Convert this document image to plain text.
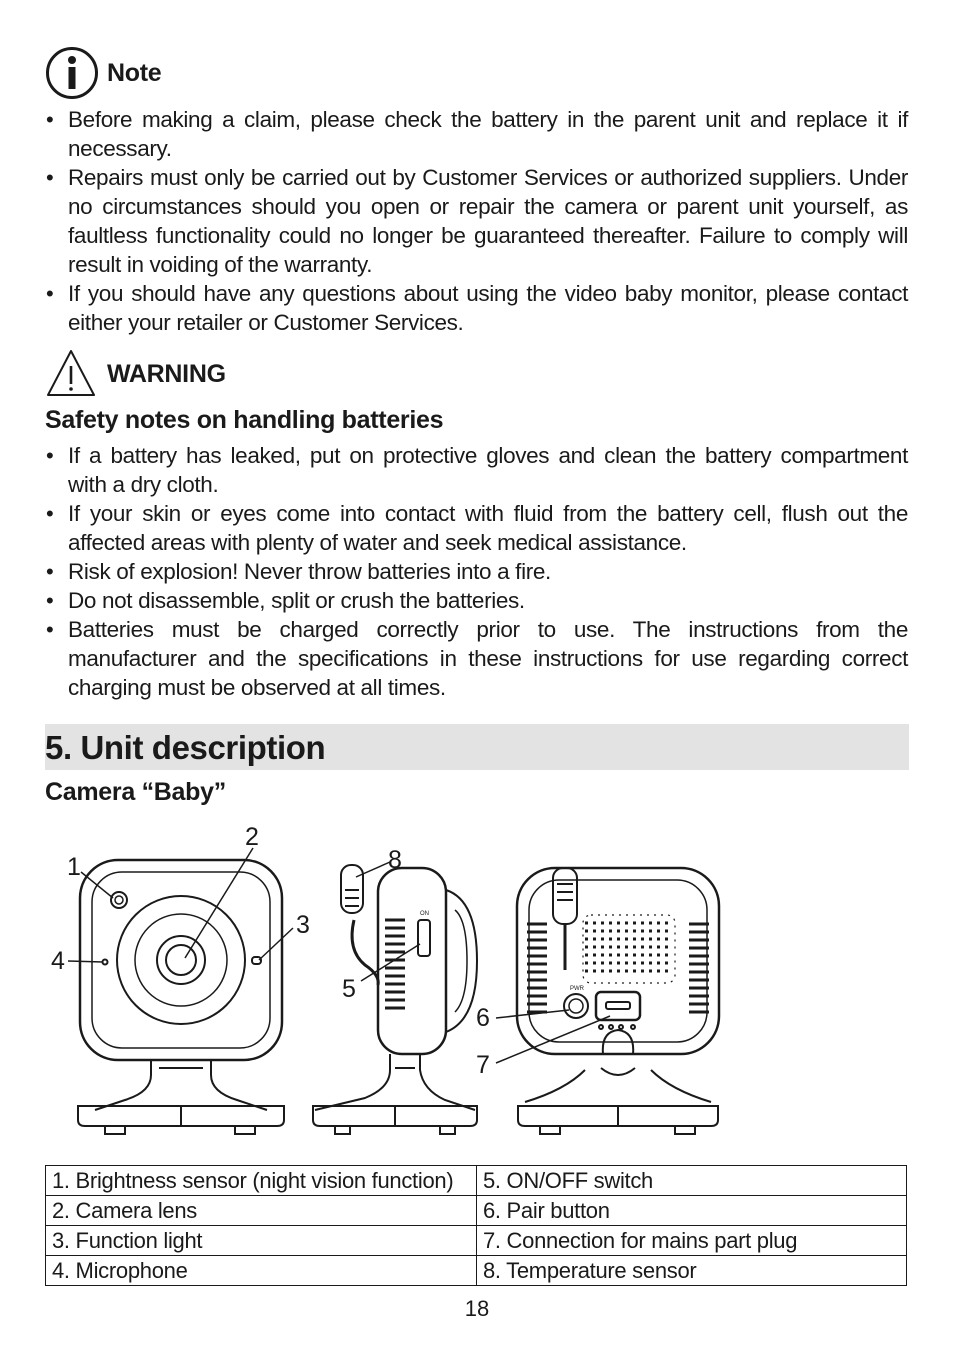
Note
• Before making a claim, please check the battery in the parent unit and replace it if necessary.
• Repairs must only be carried out by Customer Services or authorized suppliers. Under no circumstances should you open or repair the camera or parent unit yourself, as faultless functionality could no longer be guaranteed thereafter. Failure to comply will result in voiding of the warranty.
• If you should have any questions about using the video baby monitor, please contact either your retailer or Customer Services.
WARNING
Safety notes on handling batteries
• If a battery has leaked, put on protective gloves and clean the battery compartment with a dry cloth.
• If your skin or eyes come into contact with fluid from the battery cell, flush out the affected areas with plenty of water and seek medical assistance.
• Risk of explosion! Never throw batteries into a fire.
• Do not disassemble, split or crush the batteries.
• Batteries must be charged correctly prior to use. The instructions from the manufacturer and the specifications in these instructions for use regarding correct charging must be observed at all times.
5. Unit description
Camera “Baby”
ON
PWR
1
2
3
4
5
6
7
8
1. Brightness sensor (night vision function)	5. ON/OFF switch
2. Camera lens	6. Pair button
3. Function light	7. Connection for mains part plug
4. Microphone	8. Temperature sensor
18
